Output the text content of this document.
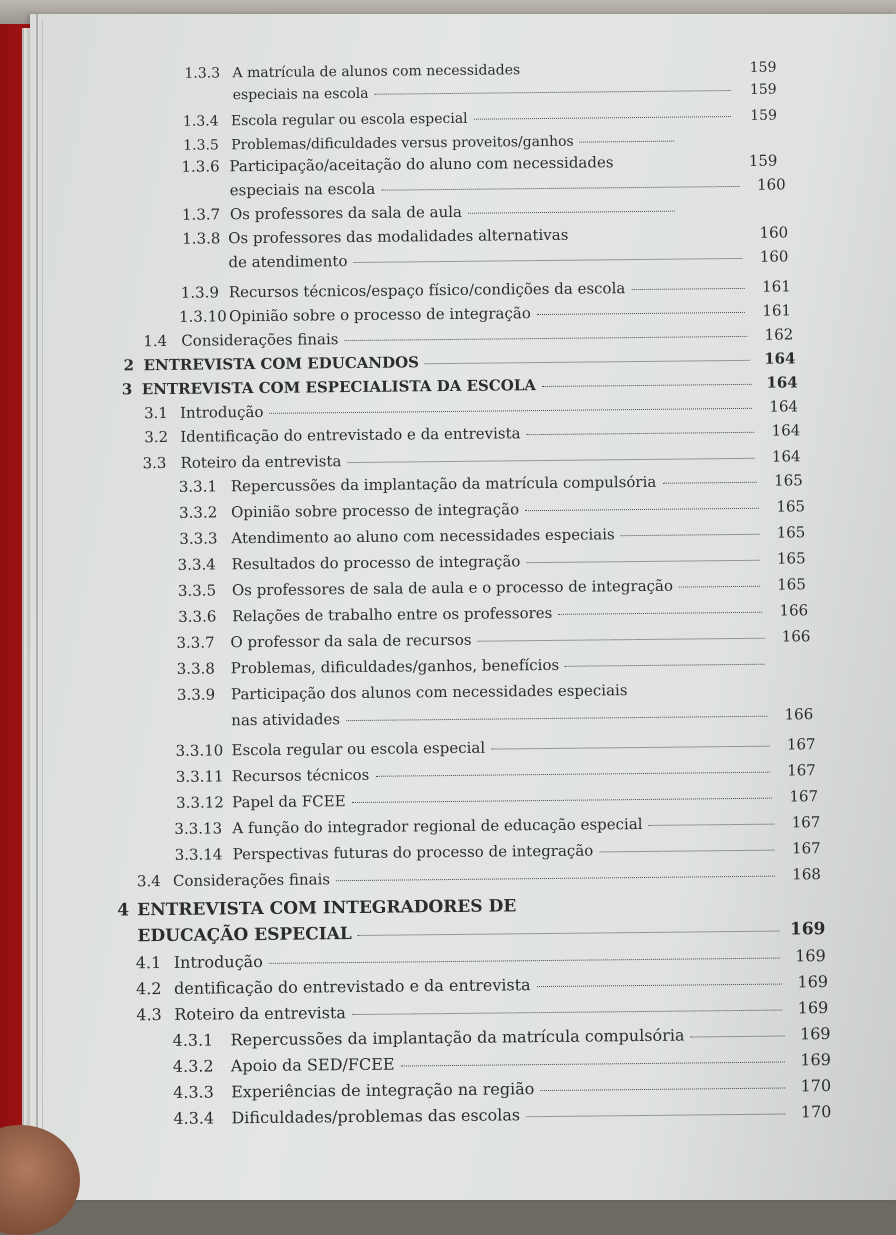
1.3.3 A matrícula de alunos com necessidades	159
especiais na escola	159
1.3.4 Escola regular ou escola especial	159
1.3.5 Problemas/dificuldades versus proveitos/ganhos
1.3.6 Participação/aceitação do aluno com necessidades	159
especiais na escola	160
1.3.7 Os professores da sala de aula
1.3.8 Os professores das modalidades alternativas	160
de atendimento	160
1.3.9 Recursos técnicos/espaço físico/condições da escola	161
1.3.10 Opinião sobre o processo de integração	161
1.4 Considerações finais	162
2 ENTREVISTA COM EDUCANDOS	164
3 ENTREVISTA COM ESPECIALISTA DA ESCOLA	164
3.1 Introdução	164
3.2 Identificação do entrevistado e da entrevista	164
3.3 Roteiro da entrevista	164
3.3.1 Repercussões da implantação da matrícula compulsória	165
3.3.2 Opinião sobre processo de integração	165
3.3.3 Atendimento ao aluno com necessidades especiais	165
3.3.4	Resultados do processo de integração	165
3.3.5	Os professores de sala de aula e o processo de integração	165
3.3.6	Relações de trabalho entre os professores	166
3.3.7	O professor da sala de recursos	166
3.3.8	Problemas, dificuldades/ganhos, benefícios
3.3.9	Participação dos alunos com necessidades especiais
nas atividades	166
3.3.10 Escola regular ou escola especial	167
3.3.11 Recursos técnicos	167
3.3.12 Papel da FCEE	167
3.3.13 A função do integrador regional de educação especial	167
3.3.14 Perspectivas futuras do processo de integração	167
3.4 Considerações finais	168
4 ENTREVISTA COM INTEGRADORES DE
EDUCAÇÃO ESPECIAL	169
4.1 Introdução	169
4.2 dentificação do entrevistado e da entrevista	169
4.3 Roteiro da entrevista	169
4.3.1	Repercussões da implantação da matrícula compulsória	169
4.3.2	Apoio da SED/FCEE	169
4.3.3	Experiências de integração na região	170
4.3.4	Dificuldades/problemas das escolas	170
